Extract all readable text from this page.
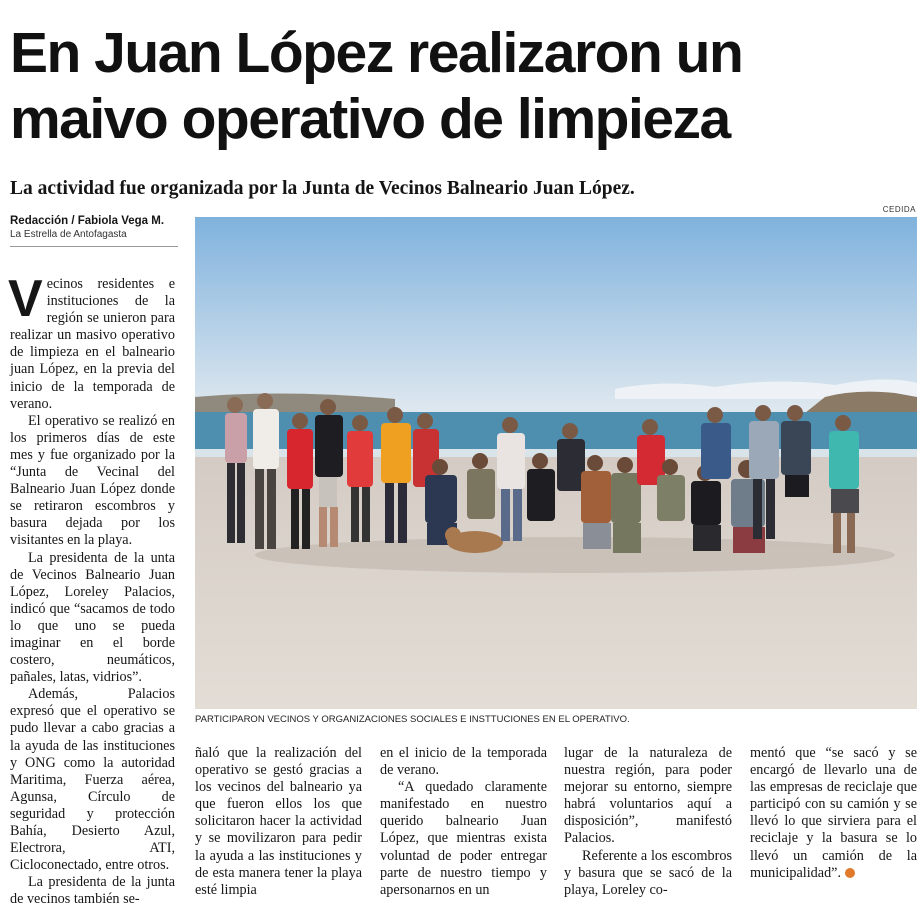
En Juan López realizaron un
maivo operativo de limpieza
La actividad fue organizada por la Junta de Vecinos Balneario Juan López.
Redacción / Fabiola Vega M.
La Estrella de Antofagasta
CEDIDA
PARTICIPARON VECINOS Y ORGANIZACIONES SOCIALES E INSTTUCIONES EN EL OPERATIVO.

Vecinos residentes e instituciones de la región se unieron para realizar un masivo operativo de limpieza en el balneario juan López, en la previa del inicio de la temporada de verano.

El operativo se realizó en los primeros días de este mes y fue organizado por la “Junta de Vecinal del Balneario Juan López donde se retiraron escombros y basura dejada por los visitantes en la playa.

La presidenta de la unta de Vecinos Balneario Juan López, Loreley Palacios, indicó que “sacamos de todo lo que uno se pueda imaginar en el borde costero, neumáticos, pañales, latas, vidrios”.

Además, Palacios expresó que el operativo se pudo llevar a cabo gracias a la ayuda de las instituciones y ONG como la autoridad Maritima, Fuerza aérea, Agunsa, Círculo de seguridad y protección Bahía, Desierto Azul, Electrora, ATI, Cicloconectado, entre otros.

La presidenta de la junta de vecinos también se-

ñaló que la realización del operativo se gestó gracias a los vecinos del balneario ya que fueron ellos los que solicitaron hacer la actividad y se movilizaron para pedir la ayuda a las instituciones y de esta manera tener la playa esté limpia

en el inicio de la temporada de verano.

“A quedado claramente manifestado en nuestro querido balneario Juan López, que mientras exista voluntad de poder entregar parte de nuestro tiempo y apersonarnos en un

lugar de la naturaleza de nuestra región, para poder mejorar su entorno, siempre habrá voluntarios aquí a disposición”, manifestó Palacios.

Referente a los escombros y basura que se sacó de la playa, Loreley co-

mentó que “se sacó y se encargó de llevarlo una de las empresas de reciclaje que participó con su camión y se llevó lo que sirviera para el reciclaje y la basura se lo llevó un camión de la municipalidad”.
